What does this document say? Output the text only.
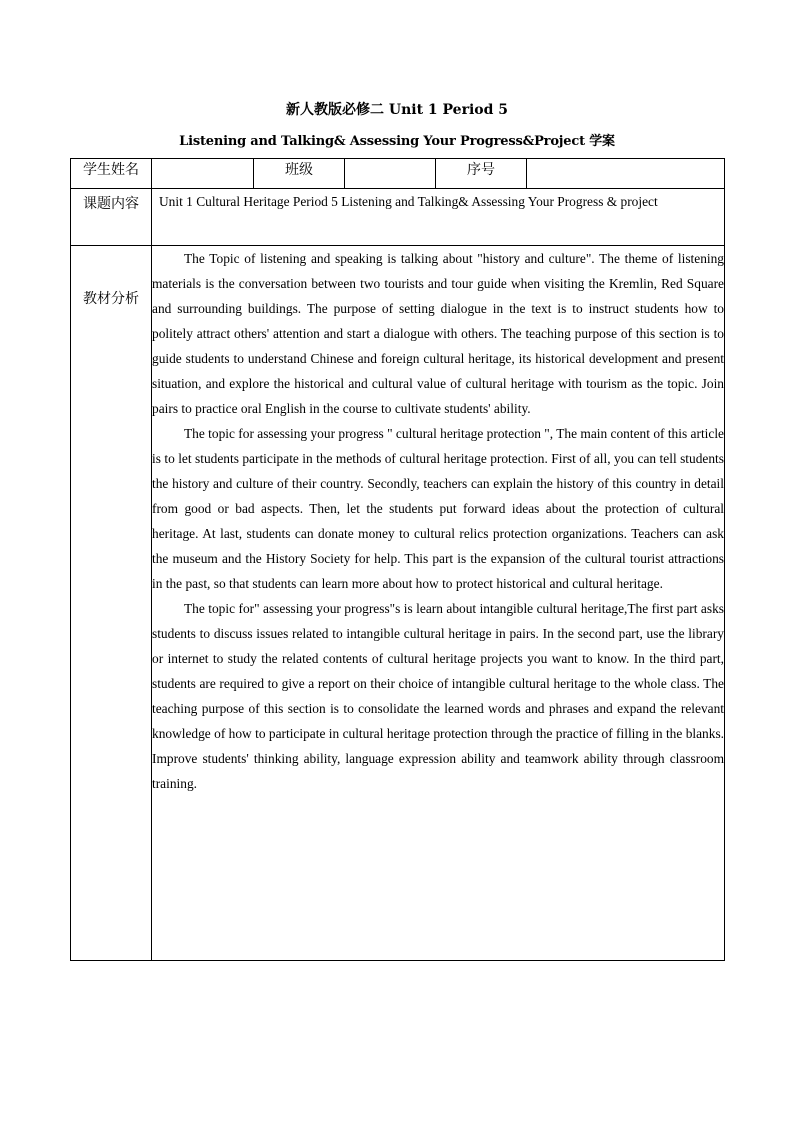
新人教版必修二 Unit 1 Period 5
Listening and Talking& Assessing Your Progress&Project 学案
学生姓名		班级		序号	
课题内容	Unit 1 Cultural Heritage Period 5 Listening and Talking& Assessing Your Progress & project				
教材分析	The Topic of listening and speaking is talking about "history and culture". The theme of listening materials is the conversation between two tourists and tour guide when visiting the Kremlin, Red Square and surrounding buildings. The purpose of setting dialogue in the text is to instruct students how to politely attract others' attention and start a dialogue with others. The teaching purpose of this section is to guide students to understand Chinese and foreign cultural heritage, its historical development and present situation, and explore the historical and cultural value of cultural heritage with tourism as the topic. Join pairs to practice oral English in the course to cultivate students' ability.

The topic for assessing your progress " cultural heritage protection ", The main content of this article is to let students participate in the methods of cultural heritage protection. First of all, you can tell students the history and culture of their country. Secondly, teachers can explain the history of this country in detail from good or bad aspects. Then, let the students put forward ideas about the protection of cultural heritage. At last, students can donate money to cultural relics protection organizations. Teachers can ask the museum and the History Society for help. This part is the expansion of the cultural tourist attractions in the past, so that students can learn more about how to protect historical and cultural heritage.

The topic for" assessing your progress"s is learn about intangible cultural heritage,The first part asks students to discuss issues related to intangible cultural heritage in pairs. In the second part, use the library or internet to study the related contents of cultural heritage projects you want to know. In the third part, students are required to give a report on their choice of intangible cultural heritage to the whole class. The teaching purpose of this section is to consolidate the learned words and phrases and expand the relevant knowledge of how to participate in cultural heritage protection through the practice of filling in the blanks. Improve students' thinking ability, language expression ability and teamwork ability through classroom training.				
